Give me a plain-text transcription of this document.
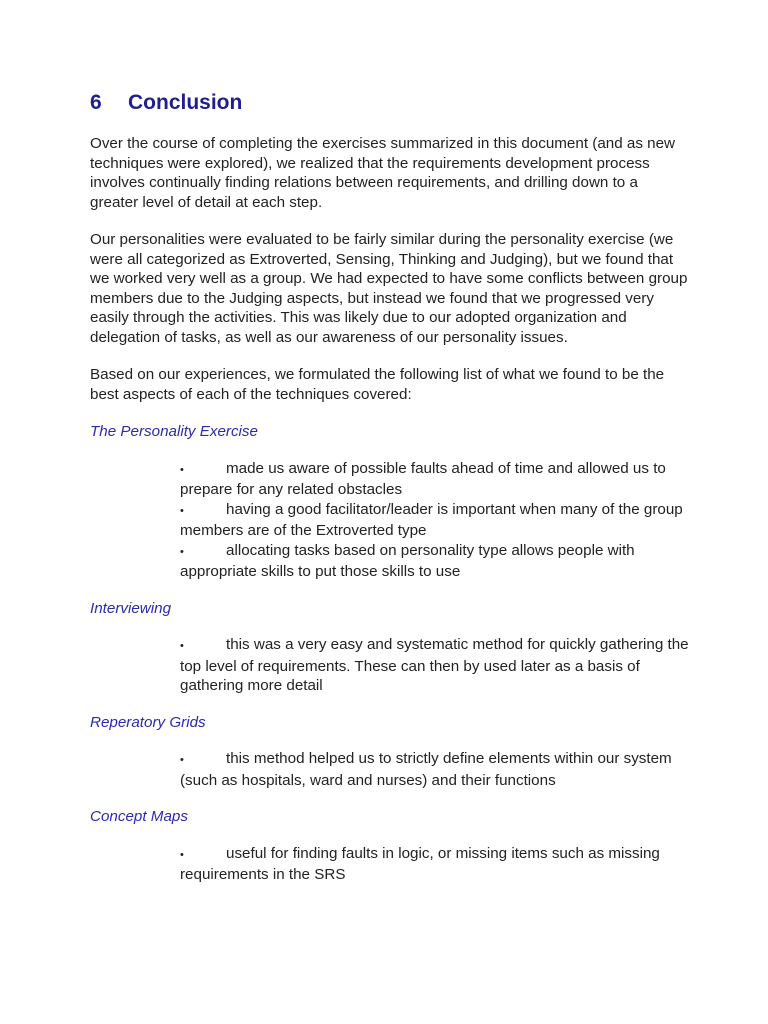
6	Conclusion

Over the course of completing the exercises summarized in this document (and as new techniques were explored), we realized that the requirements development process involves continually finding relations between requirements, and drilling down to a greater level of detail at each step.

Our personalities were evaluated to be fairly similar during the personality exercise (we were all categorized as Extroverted, Sensing, Thinking and Judging), but we found that we worked very well as a group. We had expected to have some conflicts between group members due to the Judging aspects, but instead we found that we progressed very easily through the activities. This was likely due to our adopted organization and delegation of tasks, as well as our awareness of our personality issues.

Based on our experiences, we formulated the following list of what we found to be the best aspects of each of the techniques covered:

The Personality Exercise
•	made us aware of possible faults ahead of time and allowed us to prepare for any related obstacles
•	having a good facilitator/leader is important when many of the group members are of the Extroverted type
•	allocating tasks based on personality type allows people with appropriate skills to put those skills to use
Interviewing
•	this was a very easy and systematic method for quickly gathering the top level of requirements. These can then by used later as a basis of gathering more detail
Reperatory Grids
•	this method helped us to strictly define elements within our system (such as hospitals, ward and nurses) and their functions
Concept Maps
•	useful for finding faults in logic, or missing items such as missing requirements in the SRS
